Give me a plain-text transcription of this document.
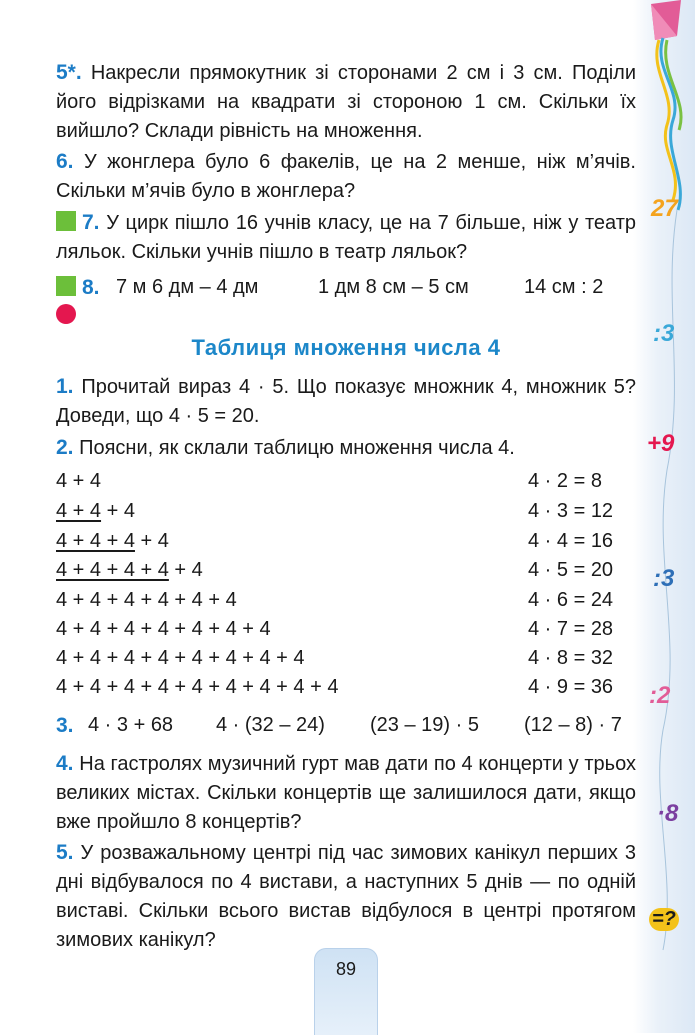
27
:3
+9
:3
:2
·8
=?
5*. Накресли прямокутник зі сторонами 2 см і 3 см. Поділи його відрізками на квадрати зі стороною 1 см. Скільки їх вийшло? Склади рівність на множення.
6. У жонглера було 6 факелів, це на 2 менше, ніж м’ячів. Скільки м’ячів було в жонглера?
7. У цирк пішло 16 учнів класу, це на 7 більше, ніж у театр ляльок. Скільки учнів пішло в театр ляльок?
8. 7 м 6 дм – 4 дм	1 дм 8 см – 5 см	14 см : 2
Таблиця множення числа 4
1. Прочитай вираз 4 · 5. Що показує множник 4, множник 5? Доведи, що 4 · 5 = 20.
2. Поясни, як склали таблицю множення числа 4.
4 + 4	4 · 2 = 8
4 + 4 + 4	4 · 3 = 12
4 + 4 + 4 + 4	4 · 4 = 16
4 + 4 + 4 + 4 + 4	4 · 5 = 20
4 + 4 + 4 + 4 + 4 + 4	4 · 6 = 24
4 + 4 + 4 + 4 + 4 + 4 + 4	4 · 7 = 28
4 + 4 + 4 + 4 + 4 + 4 + 4 + 4	4 · 8 = 32
4 + 4 + 4 + 4 + 4 + 4 + 4 + 4 + 4	4 · 9 = 36
3. 4 · 3 + 68 4 · (32 – 24) (23 – 19) · 5 (12 – 8) · 7
4. На гастролях музичний гурт мав дати по 4 концерти у трьох великих містах. Скільки концертів ще залишилося дати, якщо вже пройшло 8 концертів?
5. У розважальному центрі під час зимових канікул перших 3 дні відбувалося по 4 вистави, а наступних 5 днів — по одній виставі. Скільки всього вистав відбулося в центрі протягом зимових канікул?
89
